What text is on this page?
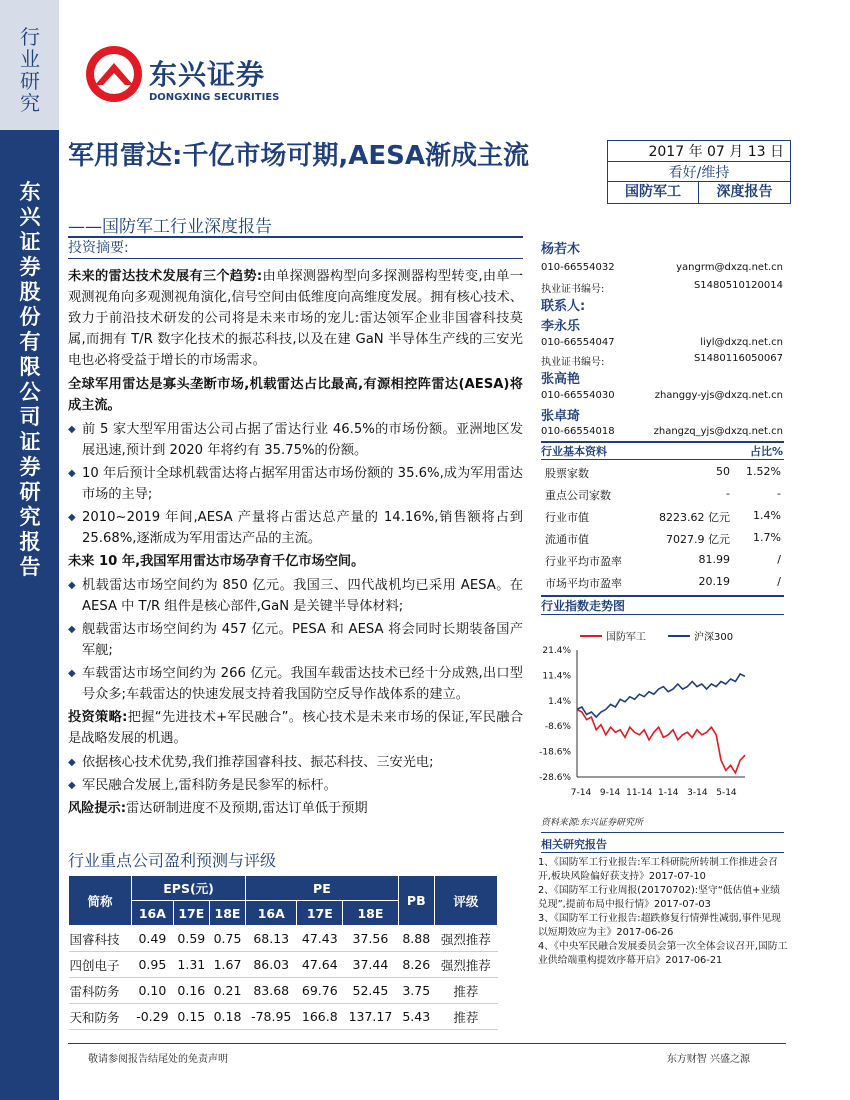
行业研究
东兴证券股份有限公司证券研究报告
东兴证券
DONGXING SECURITIES
军用雷达:千亿市场可期,AESA渐成主流
——国防军工行业深度报告
2017 年 07 月 13 日
看好/维持
国防军工	深度报告
投资摘要:

未来的雷达技术发展有三个趋势:由单探测器构型向多探测器构型转变,由单一观测视角向多观测视角演化,信号空间由低维度向高维度发展。拥有核心技术、致力于前沿技术研发的公司将是未来市场的宠儿:雷达领军企业非国睿科技莫属,而拥有 T/R 数字化技术的振芯科技,以及在建 GaN 半导体生产线的三安光电也必将受益于增长的市场需求。

全球军用雷达是寡头垄断市场,机载雷达占比最高,有源相控阵雷达(AESA)将成主流。

◆ 前 5 家大型军用雷达公司占据了雷达行业 46.5%的市场份额。亚洲地区发展迅速,预计到 2020 年将约有 35.75%的份额。
◆ 10 年后预计全球机载雷达将占据军用雷达市场份额的 35.6%,成为军用雷达市场的主导;
◆ 2010~2019 年间,AESA 产量将占雷达总产量的 14.16%,销售额将占到 25.68%,逐渐成为军用雷达产品的主流。

未来 10 年,我国军用雷达市场孕育千亿市场空间。

◆ 机载雷达市场空间约为 850 亿元。我国三、四代战机均已采用 AESA。在 AESA 中 T/R 组件是核心部件,GaN 是关键半导体材料;
◆ 舰载雷达市场空间约为 457 亿元。PESA 和 AESA 将会同时长期装备国产军舰;
◆ 车载雷达市场空间约为 266 亿元。我国车载雷达技术已经十分成熟,出口型号众多;车载雷达的快速发展支持着我国防空反导作战体系的建立。

投资策略:把握“先进技术+军民融合”。核心技术是未来市场的保证,军民融合是战略发展的机遇。

◆ 依据核心技术优势,我们推荐国睿科技、振芯科技、三安光电;
◆ 军民融合发展上,雷科防务是民参军的标杆。

风险提示:雷达研制进度不及预期,雷达订单低于预期

杨若木
010-66554032	yangrm@dxzq.net.cn
执业证书编号:	S1480510120014
联系人:
李永乐
010-66554047	liyl@dxzq.net.cn
执业证书编号:	S1480116050067
张高艳
010-66554030	zhanggy-yjs@dxzq.net.cn
张卓琦
010-66554018	zhangzq_yjs@dxzq.net.cn
行业基本资料	占比%
股票家数	50 1.52%
重点公司家数	-	-
行业市值	8223.62 亿元 1.4%
流通市值	7027.9 亿元 1.7%
行业平均市盈率	81.99	/
市场平均市盈率	20.19	/
行业指数走势图
国防军工	沪深300
21.4%
11.4%
1.4%
-8.6%
-18.6%
-28.6%
7-14 9-14 11-14 1-14 3-14 5-14
资料来源:东兴证券研究所
相关研究报告
1、《国防军工行业报告:军工科研院所转制工作推进会召开,板块风险偏好获支持》2017-07-10
2、《国防军工行业周报(20170702):坚守“低估值+业绩兑现”,提前布局中报行情》2017-07-03
3、《国防军工行业报告:超跌修复行情弹性减弱,事件见现以短期效应为主》2017-06-26
4、《中央军民融合发展委员会第一次全体会议召开,国防工业供给端重构提效序幕开启》2017-06-21
行业重点公司盈利预测与评级
简称	EPS(元)			PE			PB	评级
	16A	17E	18E	16A	17E	18E		
国睿科技	0.49	0.59	0.75	68.13	47.43	37.56	8.88	强烈推荐
四创电子	0.95	1.31	1.67	86.03	47.64	37.44	8.26	强烈推荐
雷科防务	0.10	0.16	0.21	83.68	69.76	52.45	3.75	推荐
天和防务	-0.29	0.15	0.18	-78.95	166.8	137.17	5.43	推荐
敬请参阅报告结尾处的免责声明	东方财智 兴盛之源
